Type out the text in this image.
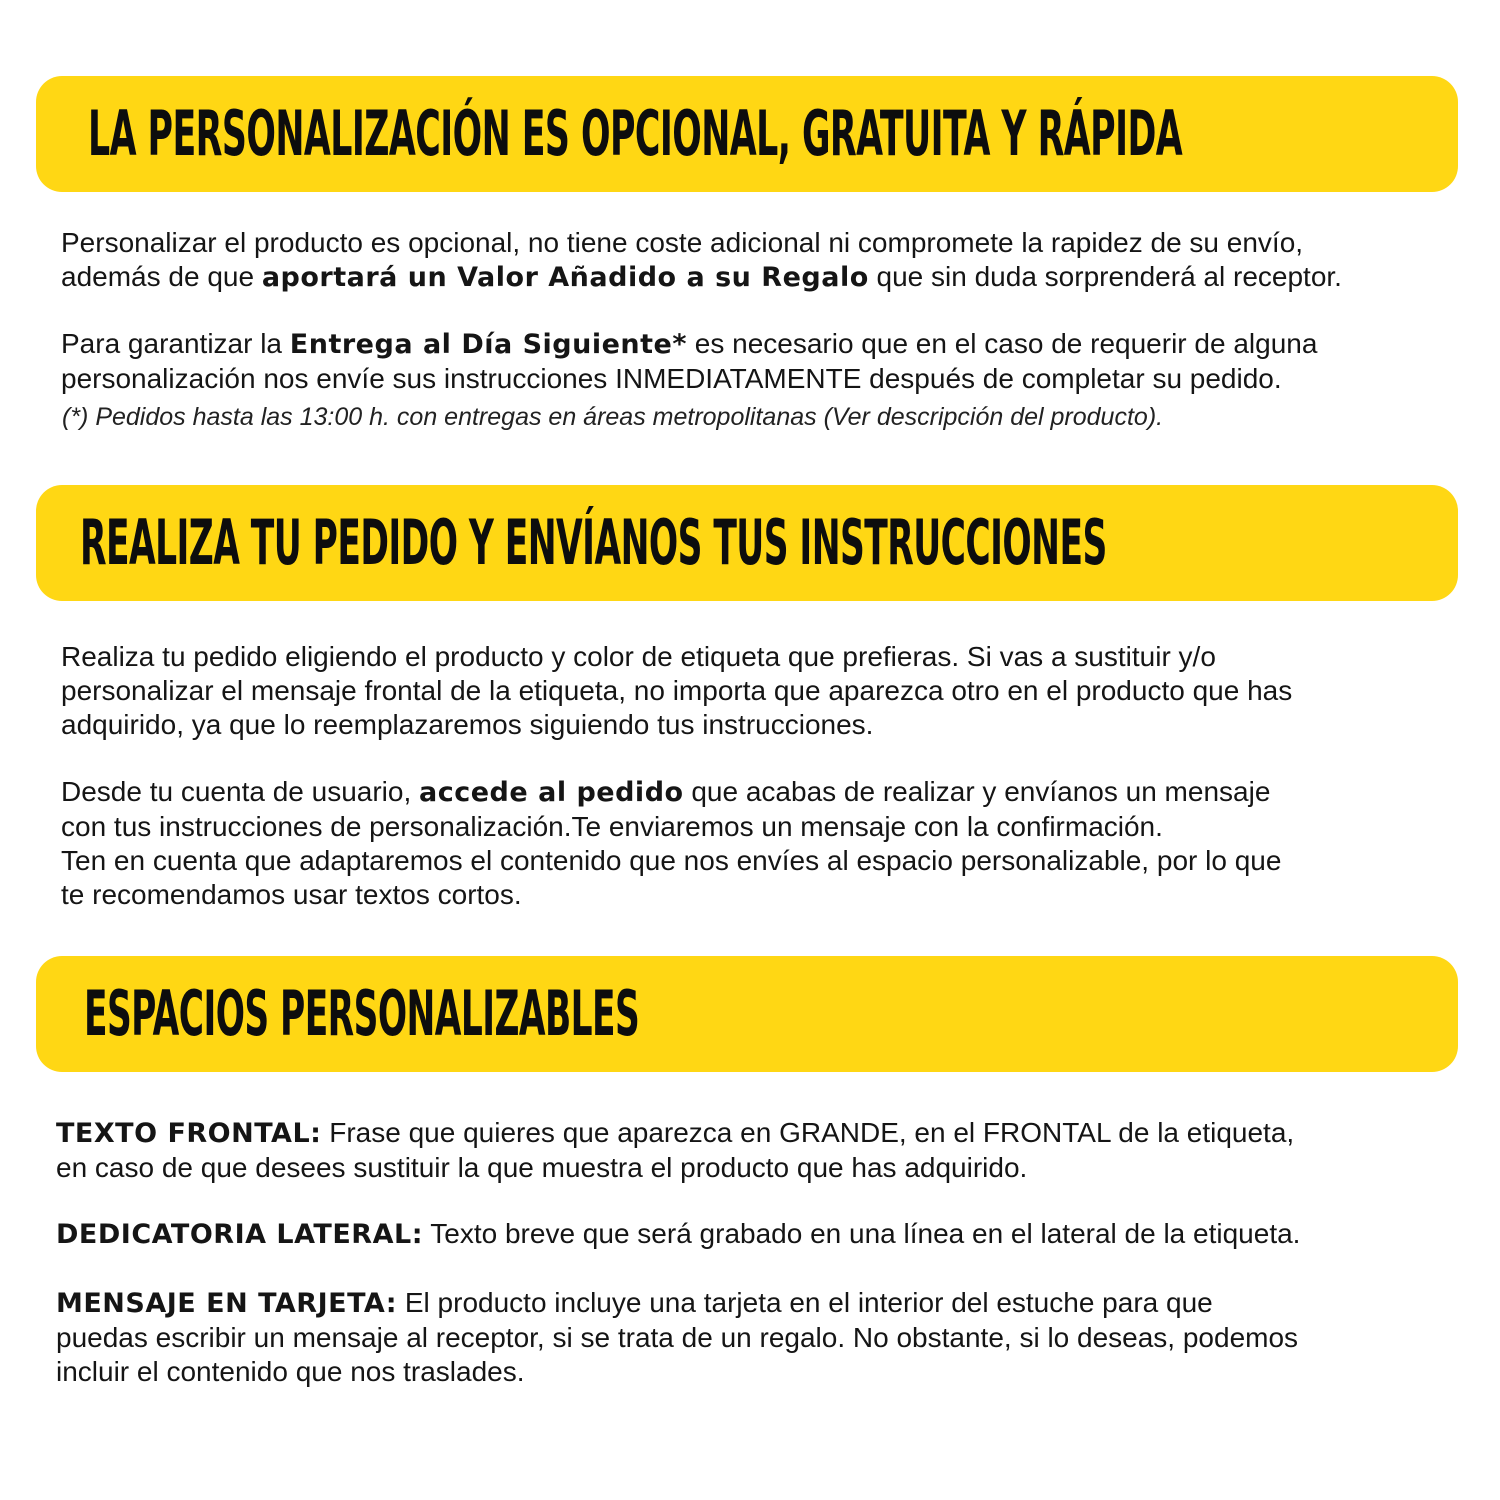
LA PERSONALIZACIÓN ES OPCIONAL, GRATUITA Y RÁPIDA

Personalizar el producto es opcional, no tiene coste adicional ni compromete la rapidez de su envío,
además de que aportará un Valor Añadido a su Regalo que sin duda sorprenderá al receptor.

Para garantizar la Entrega al Día Siguiente* es necesario que en el caso de requerir de alguna
personalización nos envíe sus instrucciones INMEDIATAMENTE después de completar su pedido.

(*) Pedidos hasta las 13:00 h. con entregas en áreas metropolitanas (Ver descripción del producto).

REALIZA TU PEDIDO Y ENVÍANOS TUS INSTRUCCIONES

Realiza tu pedido eligiendo el producto y color de etiqueta que prefieras. Si vas a sustituir y/o
personalizar el mensaje frontal de la etiqueta, no importa que aparezca otro en el producto que has
adquirido, ya que lo reemplazaremos siguiendo tus instrucciones.

Desde tu cuenta de usuario, accede al pedido que acabas de realizar y envíanos un mensaje
con tus instrucciones de personalización.Te enviaremos un mensaje con la confirmación.
Ten en cuenta que adaptaremos el contenido que nos envíes al espacio personalizable, por lo que
te recomendamos usar textos cortos.

ESPACIOS PERSONALIZABLES

TEXTO FRONTAL: Frase que quieres que aparezca en GRANDE, en el FRONTAL de la etiqueta,
en caso de que desees sustituir la que muestra el producto que has adquirido.

DEDICATORIA LATERAL: Texto breve que será grabado en una línea en el lateral de la etiqueta.

MENSAJE EN TARJETA: El producto incluye una tarjeta en el interior del estuche para que
puedas escribir un mensaje al receptor, si se trata de un regalo. No obstante, si lo deseas, podemos
incluir el contenido que nos traslades.
